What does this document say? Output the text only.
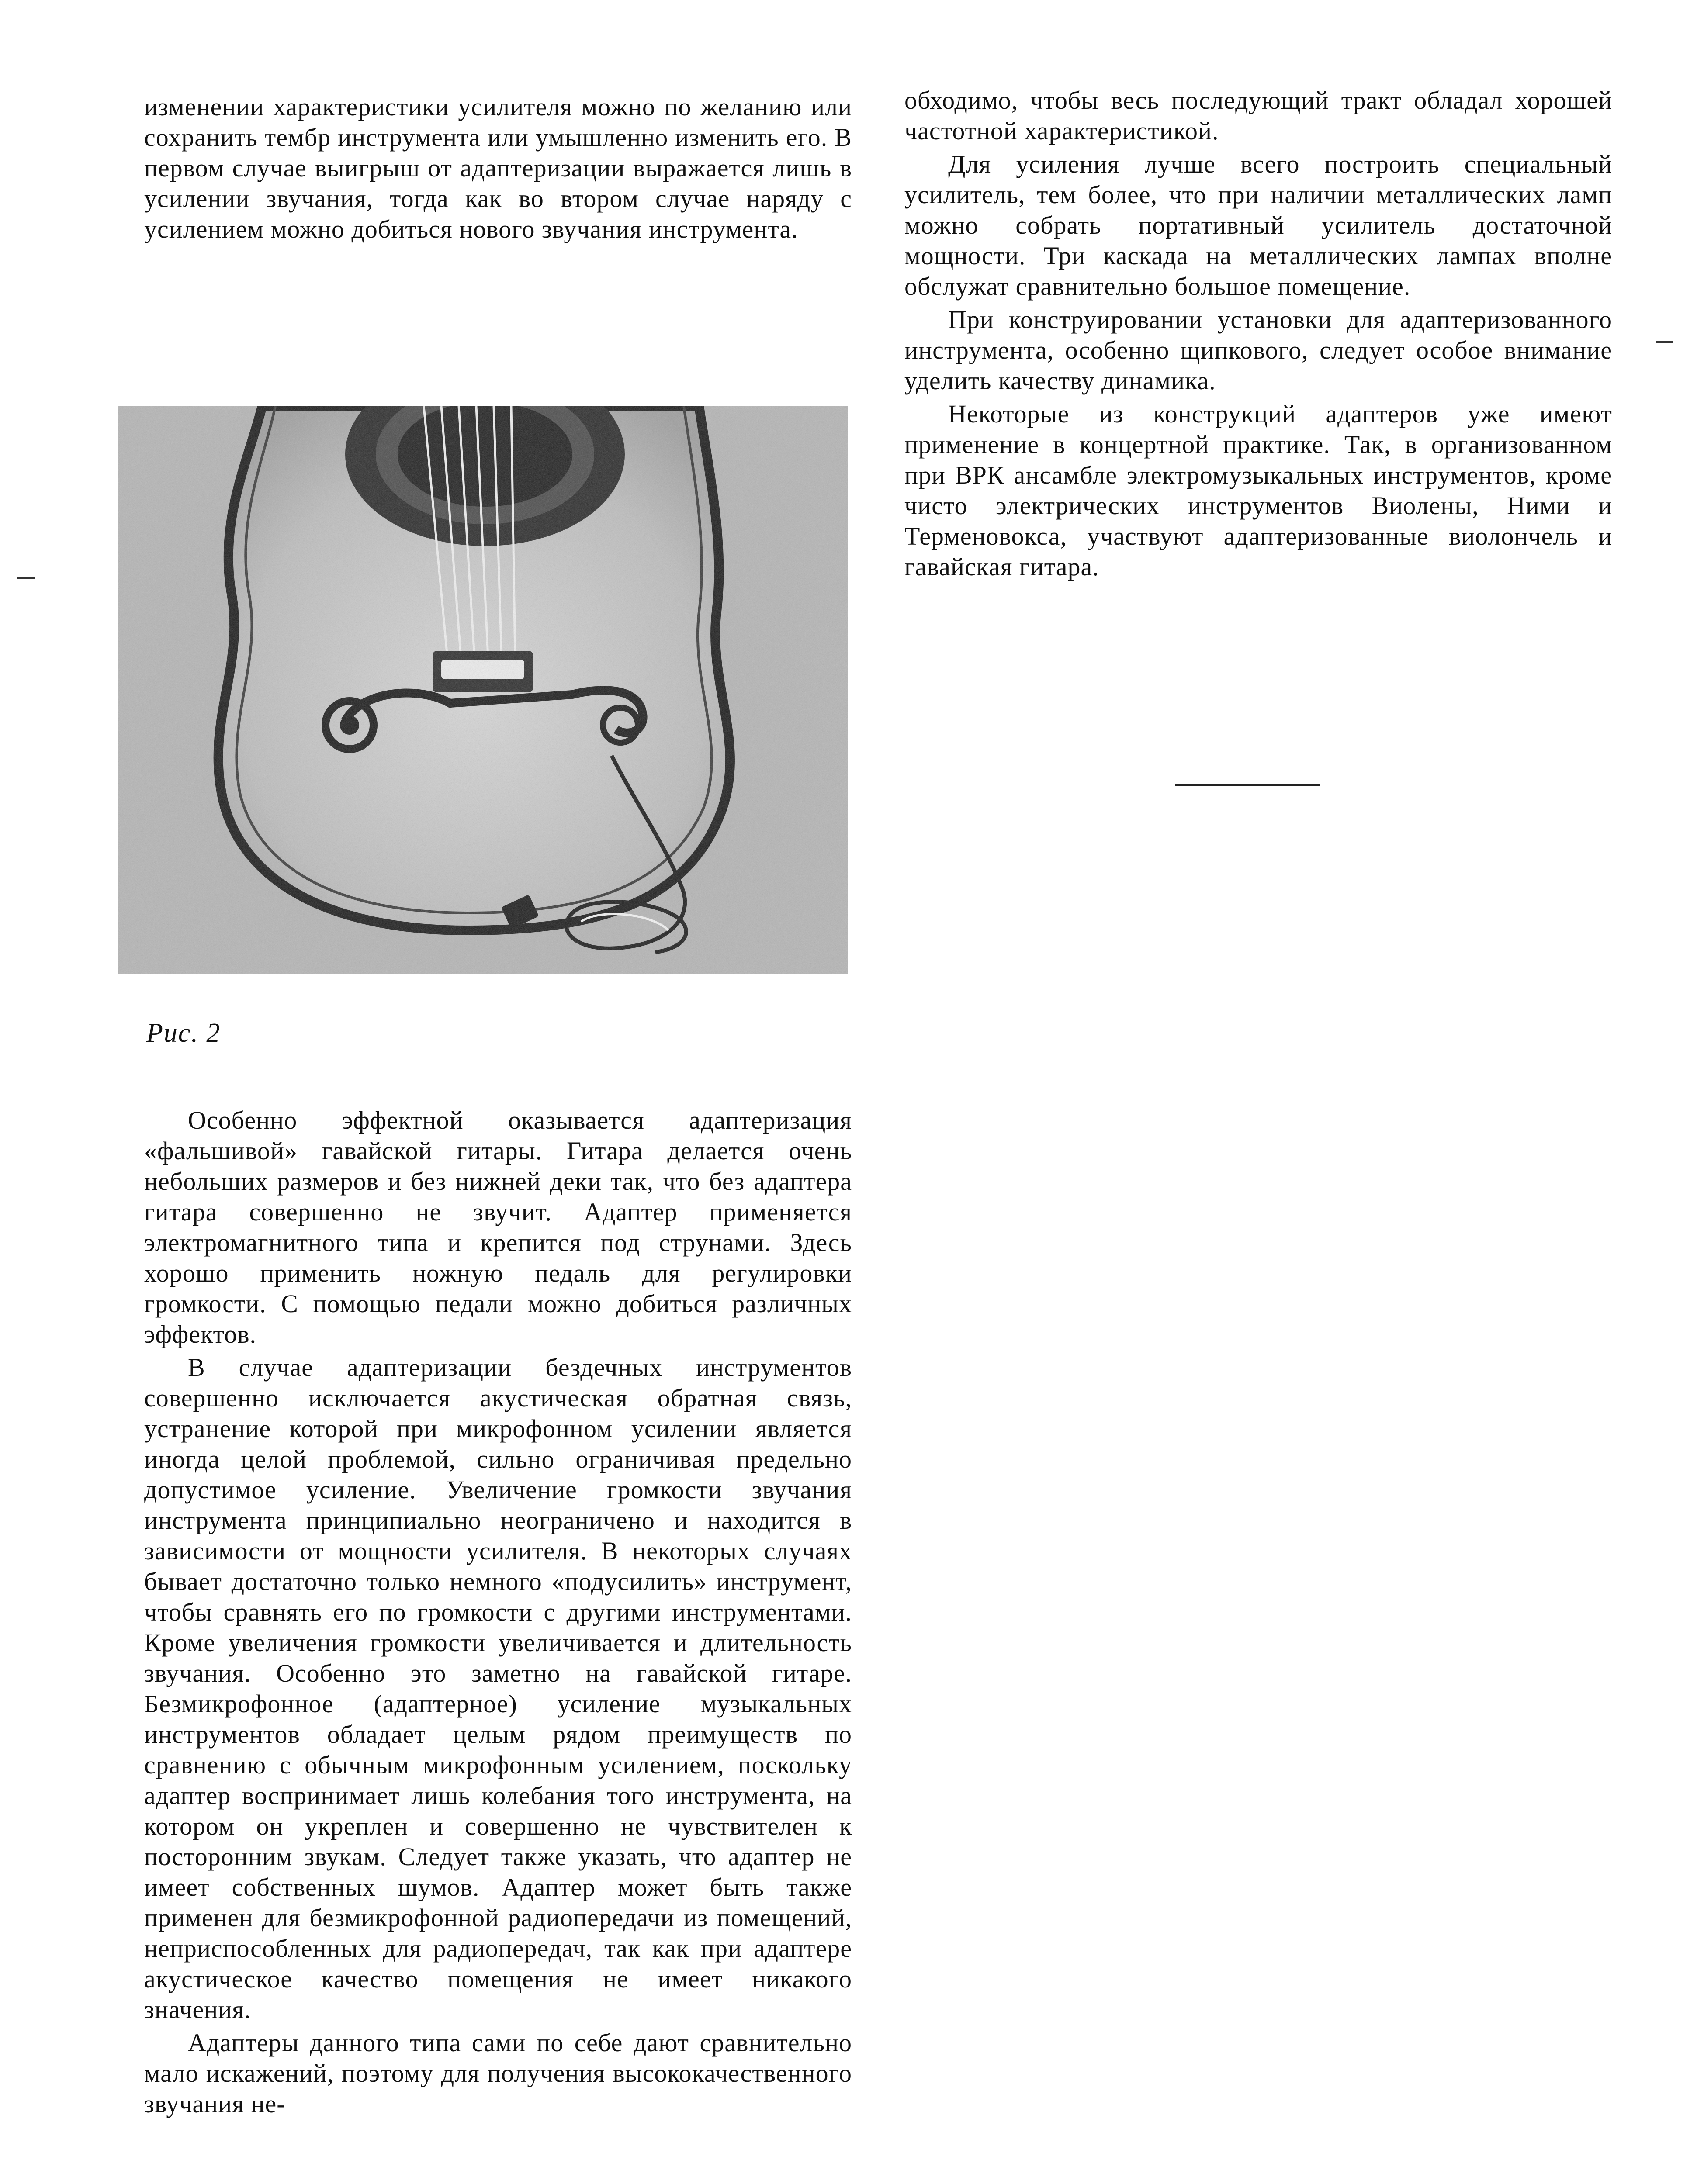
изменении характеристики усилителя можно по желанию или сохранить тембр инструмента или умышленно изменить его. В первом случае выигрыш от адаптеризации выражается лишь в усилении звучания, тогда как во втором случае наряду с усилением можно добиться нового звучания инструмента.

Рис. 2

Особенно эффектной оказывается адаптеризация «фальшивой» гавайской гитары. Гитара делается очень небольших размеров и без нижней деки так, что без адаптера гитара совершенно не звучит. Адаптер применяется электромагнитного типа и крепится под струнами. Здесь хорошо применить ножную педаль для регулировки громкости. С помощью педали можно добиться различных эффектов.

В случае адаптеризации бездечных инструментов совершенно исключается акустическая обратная связь, устранение которой при микрофонном усилении является иногда целой проблемой, сильно ограничивая предельно допустимое усиление. Увеличение громкости звучания инструмента принципиально неограничено и находится в зависимости от мощности усилителя. В некоторых случаях бывает достаточно только немного «подусилить» инструмент, чтобы сравнять его по громкости с другими инструментами. Кроме увеличения громкости увеличивается и длительность звучания. Особенно это заметно на гавайской гитаре. Безмикрофонное (адаптерное) усиление музыкальных инструментов обладает целым рядом преимуществ по сравнению с обычным микрофонным усилением, поскольку адаптер воспринимает лишь колебания того инструмента, на котором он укреплен и совершенно не чувствителен к посторонним звукам. Следует также указать, что адаптер не имеет собственных шумов. Адаптер может быть также применен для безмикрофонной радиопередачи из помещений, неприспособленных для радиопередач, так как при адаптере акустическое качество помещения не имеет никакого значения.

Адаптеры данного типа сами по себе дают сравнительно мало искажений, поэтому для получения высококачественного звучания не-

обходимо, чтобы весь последующий тракт обладал хорошей частотной характеристикой.

Для усиления лучше всего построить специальный усилитель, тем более, что при наличии металлических ламп можно собрать портативный усилитель достаточной мощности. Три каскада на металлических лампах вполне обслужат сравнительно большое помещение.

При конструировании установки для адаптеризованного инструмента, особенно щипкового, следует особое внимание уделить качеству динамика.

Некоторые из конструкций адаптеров уже имеют применение в концертной практике. Так, в организованном при ВРК ансамбле электромузыкальных инструментов, кроме чисто электрических инструментов Виолены, Ними и Терменовокса, участвуют адаптеризованные виолончель и гавайская гитара.
